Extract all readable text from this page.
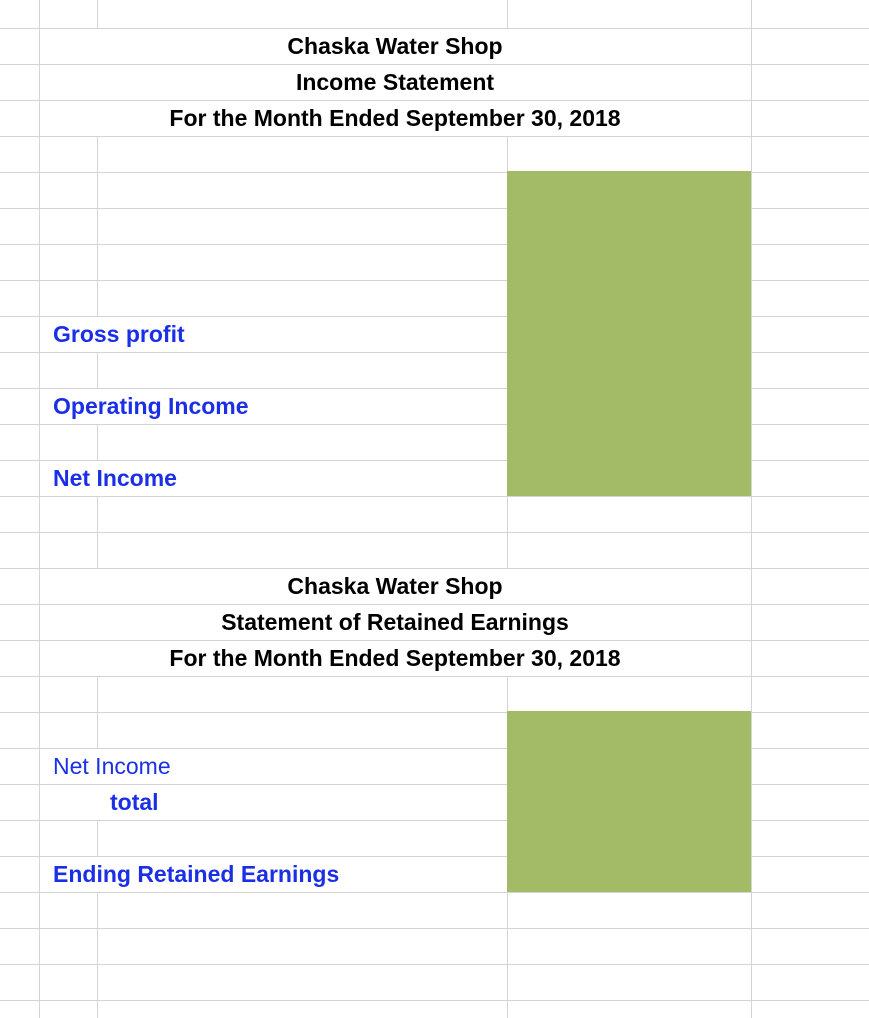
Chaska Water Shop
Income Statement
For the Month Ended September 30, 2018
Gross profit
Operating Income
Net Income
Chaska Water Shop
Statement of Retained Earnings
For the Month Ended September 30, 2018
Net Income
total
Ending Retained Earnings
